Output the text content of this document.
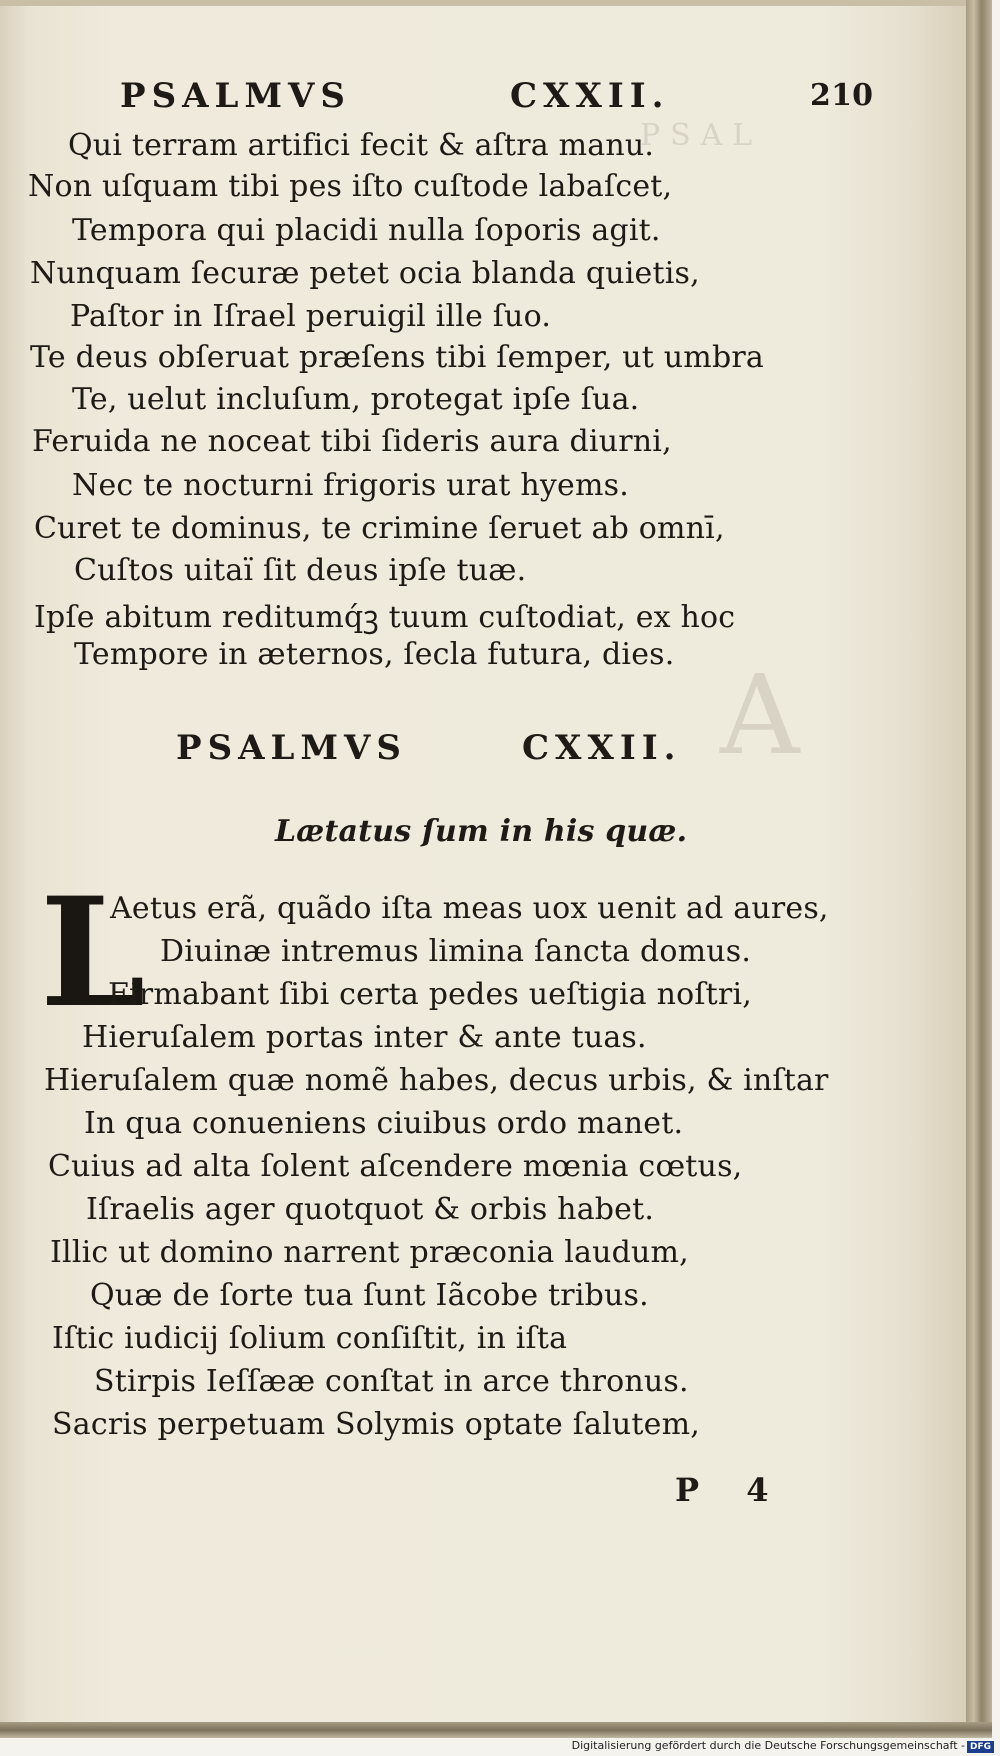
P S A L
A
PSALMVS	CXXII.	210
Qui terram artifici fecit & aſtra manu.
Non uſquam tibi pes iſto cuſtode labaſcet,
Tempora qui placidi nulla ſoporis agit.
Nunquam ſecuræ petet ocia blanda quietis,
Paſtor in Iſrael peruigil ille ſuo.
Te deus obſeruat præſens tibi ſemper, ut umbra
Te, uelut incluſum, protegat ipſe ſua.
Feruida ne noceat tibi ſideris aura diurni,
Nec te nocturni frigoris urat hyems.
Curet te dominus, te crimine ſeruet ab omnī,
Cuſtos uitaï ſit deus ipſe tuæ.
Ipſe abitum reditumq́ꝫ tuum cuſtodiat, ex hoc
Tempore in æternos, ſecla futura, dies.
PSALMVS	CXXII.
Lætatus ſum in his quæ.
L
Aetus erã, quãdo iſta meas uox uenit ad aures,
Diuinæ intremus limina ſancta domus.
Firmabant ſibi certa pedes ueſtigia noſtri,
Hieruſalem portas inter & ante tuas.
Hieruſalem quæ nomẽ habes, decus urbis, & inſtar
In qua conueniens ciuibus ordo manet.
Cuius ad alta ſolent aſcendere mœnia cœtus,
Iſraelis ager quotquot & orbis habet.
Illic ut domino narrent præconia laudum,
Quæ de ſorte tua ſunt Iãcobe tribus.
Iſtic iudicij ſolium conſiſtit, in iſta
Stirpis Ieſſææ conſtat in arce thronus.
Sacris perpetuam Solymis optate ſalutem,
P 4
Digitalisierung gefördert durch die Deutsche Forschungsgemeinschaft - DFG
